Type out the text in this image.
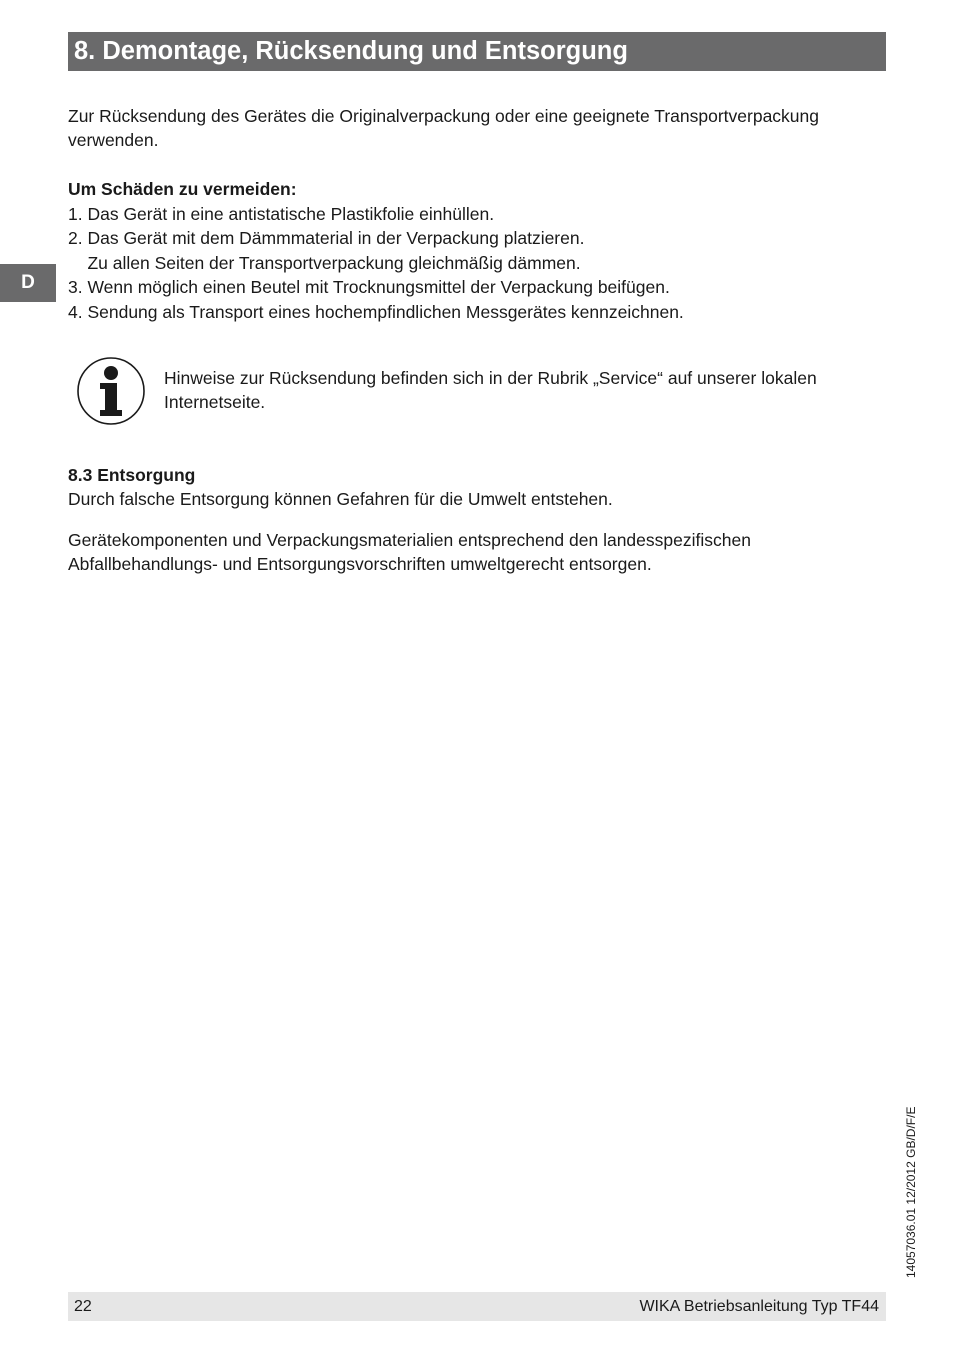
8. Demontage, Rücksendung und Entsorgung
D
Zur Rücksendung des Gerätes die Originalverpackung oder eine geeignete Transportverpackung
verwenden.
Um Schäden zu vermeiden:
1. Das Gerät in eine antistatische Plastikfolie einhüllen.
2. Das Gerät mit dem Dämmmaterial in der Verpackung platzieren.
Zu allen Seiten der Transportverpackung gleichmäßig dämmen.
3. Wenn möglich einen Beutel mit Trocknungsmittel der Verpackung beifügen.
4. Sendung als Transport eines hochempfindlichen Messgerätes kennzeichnen.
Hinweise zur Rücksendung befinden sich in der Rubrik „Service“ auf unserer lokalen
Internetseite.
8.3 Entsorgung
Durch falsche Entsorgung können Gefahren für die Umwelt entstehen.
Gerätekomponenten und Verpackungsmaterialien entsprechend den landesspezifischen
Abfallbehandlungs- und Entsorgungsvorschriften umweltgerecht entsorgen.
14057036.01 12/2012 GB/D/F/E
22	WIKA Betriebsanleitung Typ TF44
